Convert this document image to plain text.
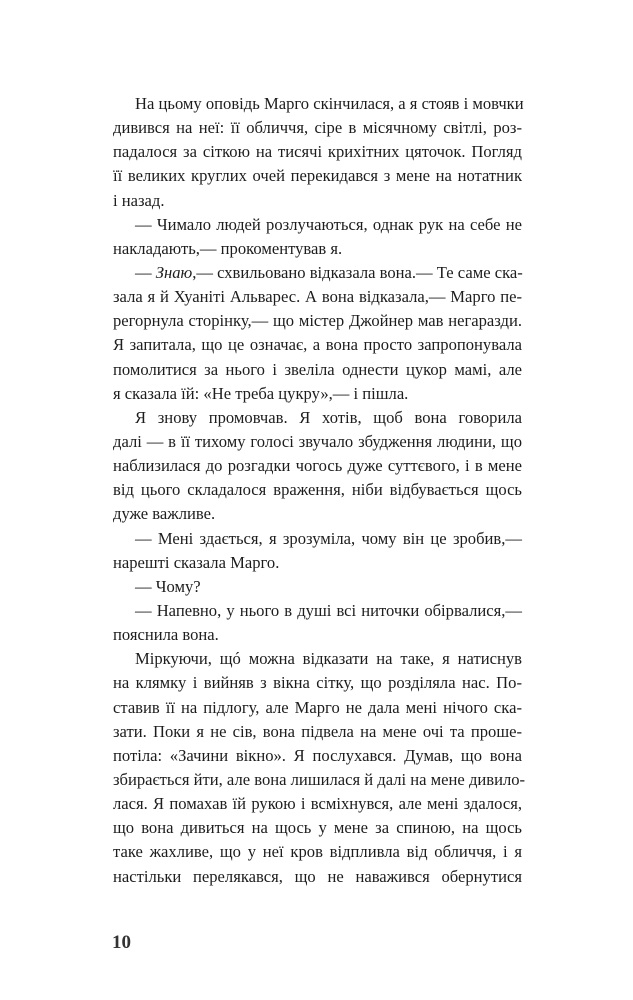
На цьому оповідь Марго скінчилася, а я стояв і мовчки
дивився на неї: її обличчя, сіре в місячному світлі, роз-
падалося за сіткою на тисячі крихітних цяточок. Погляд
її великих круглих очей перекидався з мене на нотатник
і назад.
— Чимало людей розлучаються, однак рук на себе не
накладають,— прокоментував я.
— Знаю,— схвильовано відказала вона.— Те саме ска-
зала я й Хуаніті Альварес. А вона відказала,— Марго пе-
регорнула сторінку,— що містер Джойнер мав негаразди.
Я запитала, що це означає, а вона просто запропонувала
помолитися за нього і звеліла однести цукор мамі, але
я сказала їй: «Не треба цукру»,— і пішла.
Я знову промовчав. Я хотів, щоб вона говорила
далі — в її тихому голосі звучало збудження людини, що
наблизилася до розгадки чогось дуже суттєвого, і в мене
від цього складалося враження, ніби відбувається щось
дуже важливе.
— Мені здається, я зрозуміла, чому він це зробив,—
нарешті сказала Марго.
— Чому?
— Напевно, у нього в душі всі ниточки обірвалися,—
пояснила вона.
Міркуючи, щó можна відказати на таке, я натиснув
на клямку і вийняв з вікна сітку, що розділяла нас. По-
ставив її на підлогу, але Марго не дала мені нічого ска-
зати. Поки я не сів, вона підвела на мене очі та проше-
потіла: «Зачини вікно». Я послухався. Думав, що вона
збирається йти, але вона лишилася й далі на мене дивило-
лася. Я помахав їй рукою і всміхнувся, але мені здалося,
що вона дивиться на щось у мене за спиною, на щось
таке жахливе, що у неї кров відпливла від обличчя, і я
настільки перелякався, що не наважився обернутися
10
